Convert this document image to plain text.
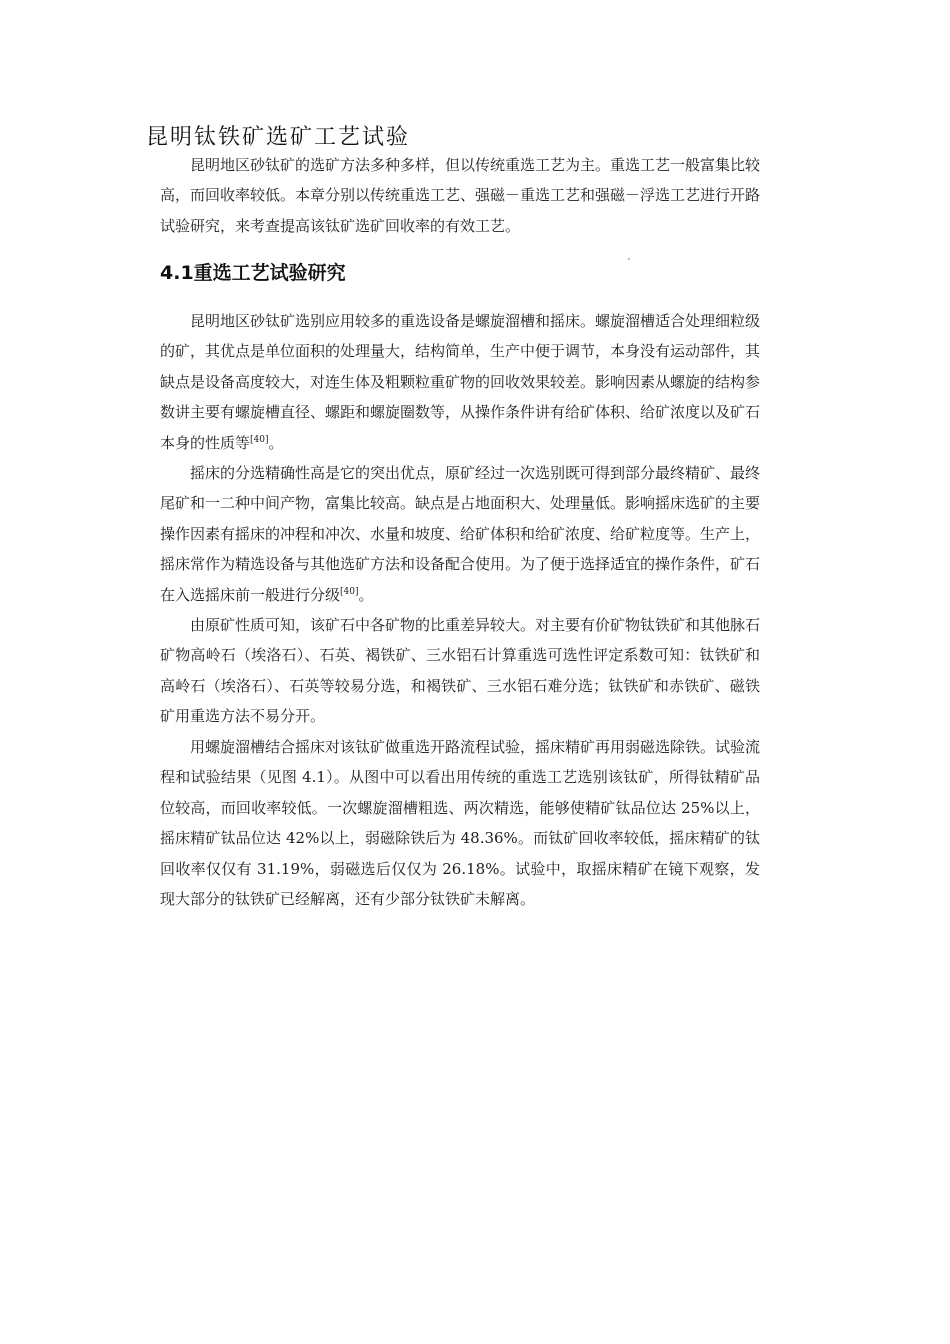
昆明钛铁矿选矿工艺试验

昆明地区砂钛矿的选矿方法多种多样，但以传统重选工艺为主。重选工艺一般富集比较高，而回收率较低。本章分别以传统重选工艺、强磁－重选工艺和强磁－浮选工艺进行开路试验研究，来考查提高该钛矿选矿回收率的有效工艺。

4.1重选工艺试验研究

昆明地区砂钛矿选别应用较多的重选设备是螺旋溜槽和摇床。螺旋溜槽适合处理细粒级的矿，其优点是单位面积的处理量大，结构简单，生产中便于调节，本身没有运动部件，其缺点是设备高度较大，对连生体及粗颗粒重矿物的回收效果较差。影响因素从螺旋的结构参数讲主要有螺旋槽直径、螺距和螺旋圈数等，从操作条件讲有给矿体积、给矿浓度以及矿石本身的性质等[40]。

摇床的分选精确性高是它的突出优点，原矿经过一次选别既可得到部分最终精矿、最终尾矿和一二种中间产物，富集比较高。缺点是占地面积大、处理量低。影响摇床选矿的主要操作因素有摇床的冲程和冲次、水量和坡度、给矿体积和给矿浓度、给矿粒度等。生产上，摇床常作为精选设备与其他选矿方法和设备配合使用。为了便于选择适宜的操作条件，矿石在入选摇床前一般进行分级[40]。

由原矿性质可知，该矿石中各矿物的比重差异较大。对主要有价矿物钛铁矿和其他脉石矿物高岭石（埃洛石）、石英、褐铁矿、三水铝石计算重选可选性评定系数可知：钛铁矿和高岭石（埃洛石）、石英等较易分选，和褐铁矿、三水铝石难分选；钛铁矿和赤铁矿、磁铁矿用重选方法不易分开。

用螺旋溜槽结合摇床对该钛矿做重选开路流程试验，摇床精矿再用弱磁选除铁。试验流程和试验结果（见图 4.1）。从图中可以看出用传统的重选工艺选别该钛矿，所得钛精矿品位较高，而回收率较低。一次螺旋溜槽粗选、两次精选，能够使精矿钛品位达 25%以上，摇床精矿钛品位达 42%以上，弱磁除铁后为 48.36%。而钛矿回收率较低，摇床精矿的钛回收率仅仅有 31.19%，弱磁选后仅仅为 26.18%。试验中，取摇床精矿在镜下观察，发现大部分的钛铁矿已经解离，还有少部分钛铁矿未解离。
